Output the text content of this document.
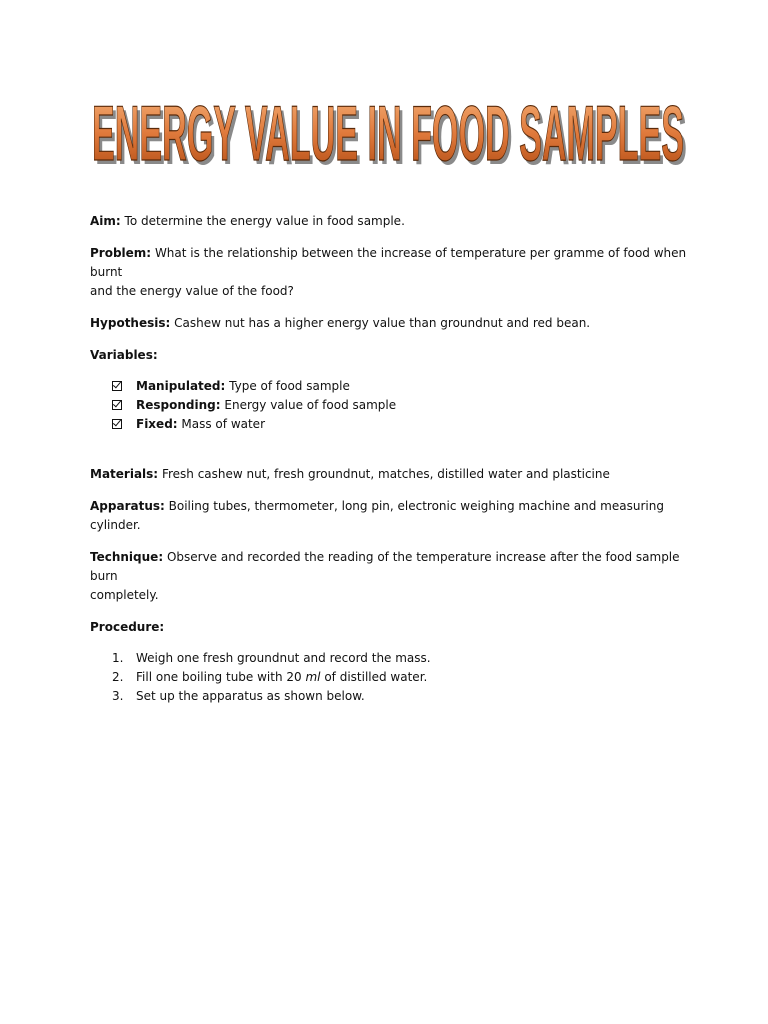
ENERGY VALUE IN FOOD SAMPLES
ENERGY VALUE IN FOOD SAMPLES

Aim: To determine the energy value in food sample.

Problem: What is the relationship between the increase of temperature per gramme of food when burnt
and the energy value of the food?

Hypothesis: Cashew nut has a higher energy value than groundnut and red bean.

Variables:

Manipulated: Type of food sample
Responding: Energy value of food sample
Fixed: Mass of water

Materials: Fresh cashew nut, fresh groundnut, matches, distilled water and plasticine

Apparatus: Boiling tubes, thermometer, long pin, electronic weighing machine and measuring cylinder.

Technique: Observe and recorded the reading of the temperature increase after the food sample burn
completely.

Procedure:

1. Weigh one fresh groundnut and record the mass.
2. Fill one boiling tube with 20 ml of distilled water.
3. Set up the apparatus as shown below.
